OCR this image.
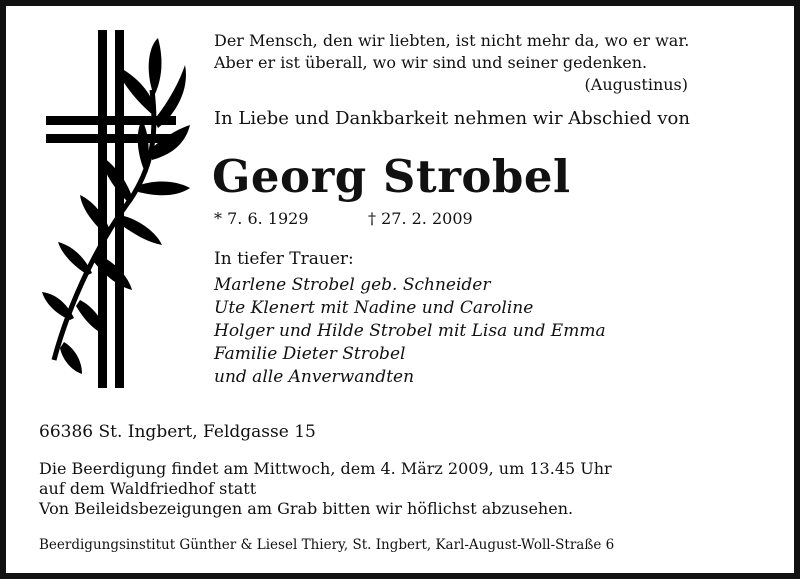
Der Mensch, den wir liebten, ist nicht mehr da, wo er war.
Aber er ist überall, wo wir sind und seiner gedenken.
(Augustinus)
In Liebe und Dankbarkeit nehmen wir Abschied von
Georg Strobel
* 7. 6. 1929	† 27. 2. 2009
In tiefer Trauer:
Marlene Strobel geb. Schneider
Ute Klenert mit Nadine und Caroline
Holger und Hilde Strobel mit Lisa und Emma
Familie Dieter Strobel
und alle Anverwandten
66386 St. Ingbert, Feldgasse 15
Die Beerdigung findet am Mittwoch, dem 4. März 2009, um 13.45 Uhr
auf dem Waldfriedhof statt
Von Beileidsbezeigungen am Grab bitten wir höflichst abzusehen.
Beerdigungsinstitut Günther & Liesel Thiery, St. Ingbert, Karl-August-Woll-Straße 6
